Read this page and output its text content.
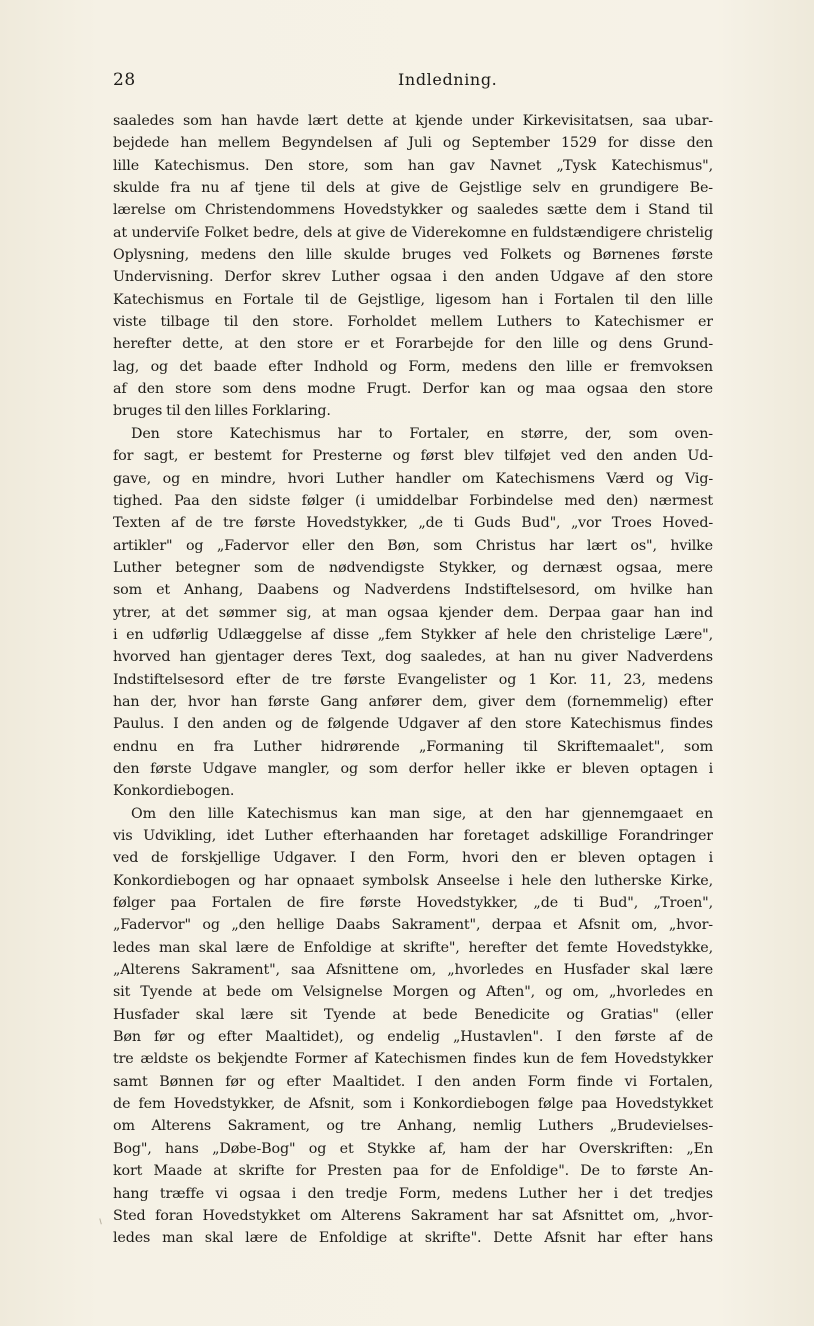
28	Indledning.
saaledes som han havde lært dette at kjende under Kirkevisitatsen, saa ubar-
bejdede han mellem Begyndelsen af Juli og September 1529 for disse den
lille Katechismus. Den store, som han gav Navnet „Tysk Katechismus",
skulde fra nu af tjene til dels at give de Gejstlige selv en grundigere Be-
lærelse om Christendommens Hovedstykker og saaledes sætte dem i Stand til
at underviſe Folket bedre, dels at give de Viderekomne en fuldstændigere christelig
Oplysning, medens den lille skulde bruges ved Folkets og Børnenes første
Undervisning. Derfor skrev Luther ogsaa i den anden Udgave af den store
Katechismus en Fortale til de Gejstlige, ligesom han i Fortalen til den lille
viste tilbage til den store. Forholdet mellem Luthers to Katechismer er
herefter dette, at den store er et Forarbejde for den lille og dens Grund-
lag, og det baade efter Indhold og Form, medens den lille er fremvoksen
af den store som dens modne Frugt. Derfor kan og maa ogsaa den store
bruges til den lilles Forklaring.
Den store Katechismus har to Fortaler, en større, der, som oven-
for sagt, er bestemt for Presterne og først blev tilføjet ved den anden Ud-
gave, og en mindre, hvori Luther handler om Katechismens Værd og Vig-
tighed. Paa den sidste følger (i umiddelbar Forbindelse med den) nærmest
Texten af de tre første Hovedstykker, „de ti Guds Bud", „vor Troes Hoved-
artikler" og „Fadervor eller den Bøn, som Christus har lært os", hvilke
Luther betegner som de nødvendigste Stykker, og dernæst ogsaa, mere
som et Anhang, Daabens og Nadverdens Indstiftelsesord, om hvilke han
ytrer, at det sømmer sig, at man ogsaa kjender dem. Derpaa gaar han ind
i en udførlig Udlæggelse af disse „fem Stykker af hele den christelige Lære",
hvorved han gjentager deres Text, dog saaledes, at han nu giver Nadverdens
Indstiftelsesord efter de tre første Evangelister og 1 Kor. 11, 23, medens
han der, hvor han første Gang anfører dem, giver dem (fornemmelig) efter
Paulus. I den anden og de følgende Udgaver af den store Katechismus findes
endnu en fra Luther hidrørende „Formaning til Skriftemaalet", som
den første Udgave mangler, og som derfor heller ikke er bleven optagen i
Konkordiebogen.
Om den lille Katechismus kan man sige, at den har gjennemgaaet en
vis Udvikling, idet Luther efterhaanden har foretaget adskillige Forandringer
ved de forskjellige Udgaver. I den Form, hvori den er bleven optagen i
Konkordiebogen og har opnaaet symbolsk Anseelse i hele den lutherske Kirke,
følger paa Fortalen de fire første Hovedstykker, „de ti Bud", „Troen",
„Fadervor" og „den hellige Daabs Sakrament", derpaa et Afsnit om, „hvor-
ledes man skal lære de Enfoldige at skrifte", herefter det femte Hovedstykke,
„Alterens Sakrament", saa Afsnittene om, „hvorledes en Husfader skal lære
sit Tyende at bede om Velsignelse Morgen og Aften", og om, „hvorledes en
Husfader skal lære sit Tyende at bede Benedicite og Gratias" (eller
Bøn før og efter Maaltidet), og endelig „Hustavlen". I den første af de
tre ældste os bekjendte Former af Katechismen findes kun de fem Hovedstykker
samt Bønnen før og efter Maaltidet. I den anden Form finde vi Fortalen,
de fem Hovedstykker, de Afsnit, som i Konkordiebogen følge paa Hovedstykket
om Alterens Sakrament, og tre Anhang, nemlig Luthers „Brudevielses-
Bog", hans „Døbe-Bog" og et Stykke af, ham der har Overskriften: „En
kort Maade at skrifte for Presten paa for de Enfoldige". De to første An-
hang træffe vi ogsaa i den tredje Form, medens Luther her i det tredjes
Sted foran Hovedstykket om Alterens Sakrament har sat Afsnittet om, „hvor-
ledes man skal lære de Enfoldige at skrifte". Dette Afsnit har efter hans
